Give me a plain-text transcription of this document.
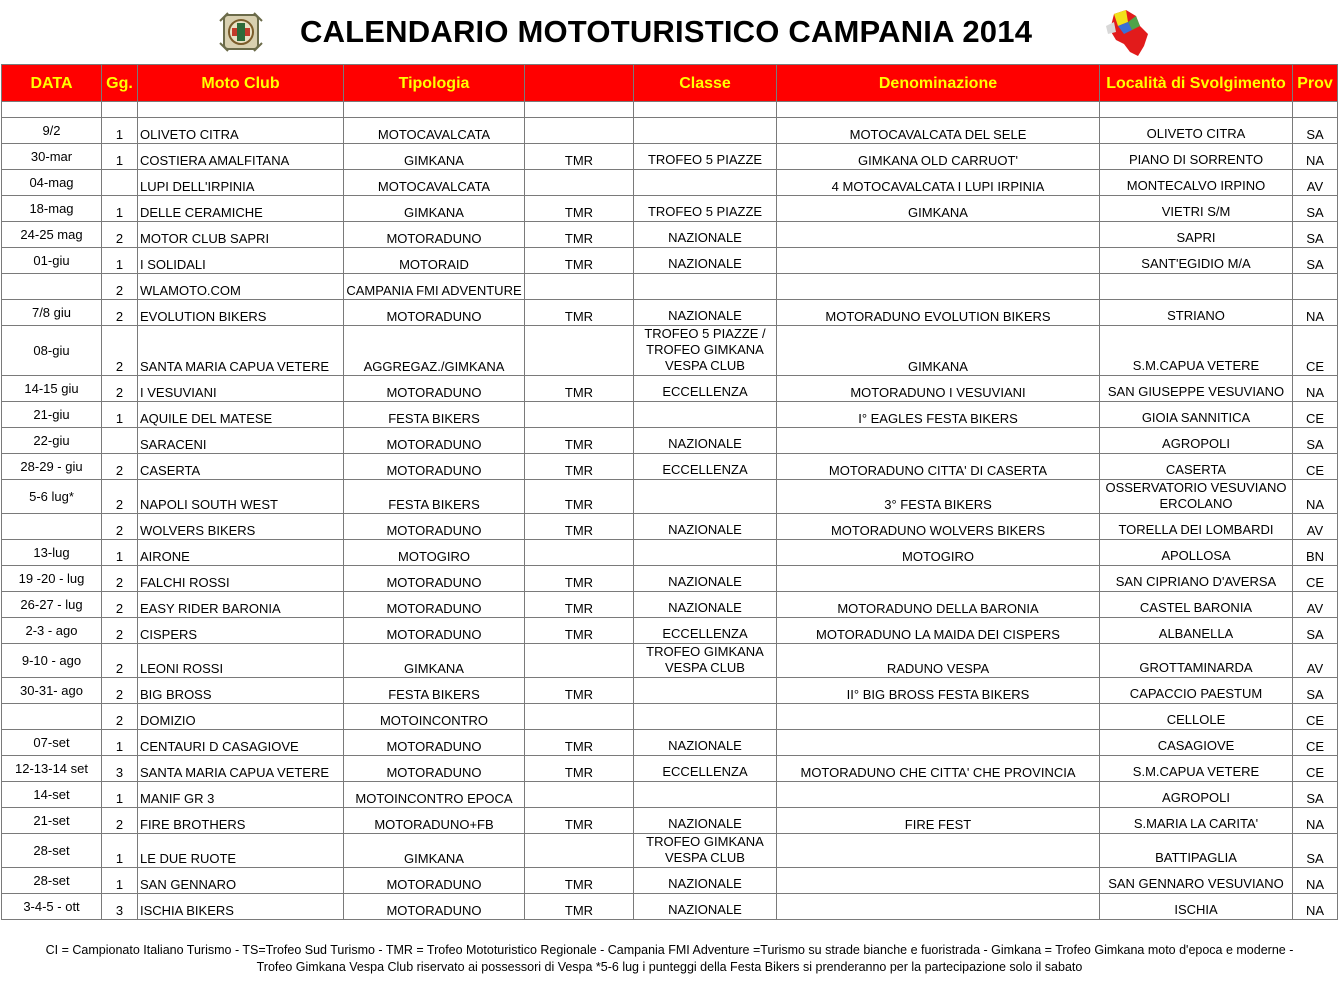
CALENDARIO MOTOTURISTICO CAMPANIA 2014
DATA	Gg.	Moto Club	Tipologia		Classe	Denominazione	Località di Svolgimento	Prov

9/2	1	OLIVETO CITRA	MOTOCAVALCATA			MOTOCAVALCATA DEL SELE	OLIVETO CITRA	SA
30-mar	1	COSTIERA AMALFITANA	GIMKANA	TMR	TROFEO 5 PIAZZE	GIMKANA OLD CARRUOT'	PIANO DI SORRENTO	NA
04-mag		LUPI DELL'IRPINIA	MOTOCAVALCATA			4 MOTOCAVALCATA I LUPI IRPINIA	MONTECALVO IRPINO	AV
18-mag	1	DELLE CERAMICHE	GIMKANA	TMR	TROFEO 5 PIAZZE	GIMKANA	VIETRI S/M	SA
24-25 mag	2	MOTOR CLUB SAPRI	MOTORADUNO	TMR	NAZIONALE		SAPRI	SA
01-giu	1	I SOLIDALI	MOTORAID	TMR	NAZIONALE		SANT'EGIDIO M/A	SA
	2	WLAMOTO.COM	CAMPANIA FMI ADVENTURE					
7/8 giu	2	EVOLUTION BIKERS	MOTORADUNO	TMR	NAZIONALE	MOTORADUNO EVOLUTION BIKERS	STRIANO	NA
08-giu	2	SANTA MARIA CAPUA VETERE	AGGREGAZ./GIMKANA		TROFEO 5 PIAZZE / TROFEO GIMKANA VESPA CLUB	GIMKANA	S.M.CAPUA VETERE	CE
14-15 giu	2	I VESUVIANI	MOTORADUNO	TMR	ECCELLENZA	MOTORADUNO I VESUVIANI	SAN GIUSEPPE VESUVIANO	NA
21-giu	1	AQUILE DEL MATESE	FESTA BIKERS			I° EAGLES FESTA BIKERS	GIOIA SANNITICA	CE
22-giu		SARACENI	MOTORADUNO	TMR	NAZIONALE		AGROPOLI	SA
28-29 - giu	2	CASERTA	MOTORADUNO	TMR	ECCELLENZA	MOTORADUNO CITTA' DI CASERTA	CASERTA	CE
5-6 lug*	2	NAPOLI SOUTH WEST	FESTA BIKERS	TMR		3° FESTA BIKERS	OSSERVATORIO VESUVIANO ERCOLANO	NA
	2	WOLVERS BIKERS	MOTORADUNO	TMR	NAZIONALE	MOTORADUNO WOLVERS BIKERS	TORELLA DEI LOMBARDI	AV
13-lug	1	AIRONE	MOTOGIRO			MOTOGIRO	APOLLOSA	BN
19 -20 - lug	2	FALCHI ROSSI	MOTORADUNO	TMR	NAZIONALE		SAN CIPRIANO D'AVERSA	CE
26-27 - lug	2	EASY RIDER BARONIA	MOTORADUNO	TMR	NAZIONALE	MOTORADUNO DELLA BARONIA	CASTEL BARONIA	AV
2-3 - ago	2	CISPERS	MOTORADUNO	TMR	ECCELLENZA	MOTORADUNO LA MAIDA DEI CISPERS	ALBANELLA	SA
9-10 - ago	2	LEONI ROSSI	GIMKANA		TROFEO GIMKANA VESPA CLUB	RADUNO VESPA	GROTTAMINARDA	AV
30-31- ago	2	BIG BROSS	FESTA BIKERS	TMR		II° BIG BROSS FESTA BIKERS	CAPACCIO PAESTUM	SA
	2	DOMIZIO	MOTOINCONTRO				CELLOLE	CE
07-set	1	CENTAURI D CASAGIOVE	MOTORADUNO	TMR	NAZIONALE		CASAGIOVE	CE
12-13-14 set	3	SANTA MARIA CAPUA VETERE	MOTORADUNO	TMR	ECCELLENZA	MOTORADUNO CHE CITTA' CHE PROVINCIA	S.M.CAPUA VETERE	CE
14-set	1	MANIF GR 3	MOTOINCONTRO EPOCA				AGROPOLI	SA
21-set	2	FIRE BROTHERS	MOTORADUNO+FB	TMR	NAZIONALE	FIRE FEST	S.MARIA LA CARITA'	NA
28-set	1	LE DUE RUOTE	GIMKANA		TROFEO GIMKANA VESPA CLUB		BATTIPAGLIA	SA
28-set	1	SAN GENNARO	MOTORADUNO	TMR	NAZIONALE		SAN GENNARO VESUVIANO	NA
3-4-5 - ott	3	ISCHIA BIKERS	MOTORADUNO	TMR	NAZIONALE		ISCHIA	NA
CI = Campionato Italiano Turismo - TS=Trofeo Sud Turismo - TMR = Trofeo Mototuristico Regionale - Campania FMI Adventure =Turismo su strade bianche e fuoristrada - Gimkana = Trofeo Gimkana moto d'epoca e moderne -
Trofeo Gimkana Vespa Club riservato ai possessori di Vespa *5-6 lug i punteggi della Festa Bikers si prenderanno per la partecipazione solo il sabato
